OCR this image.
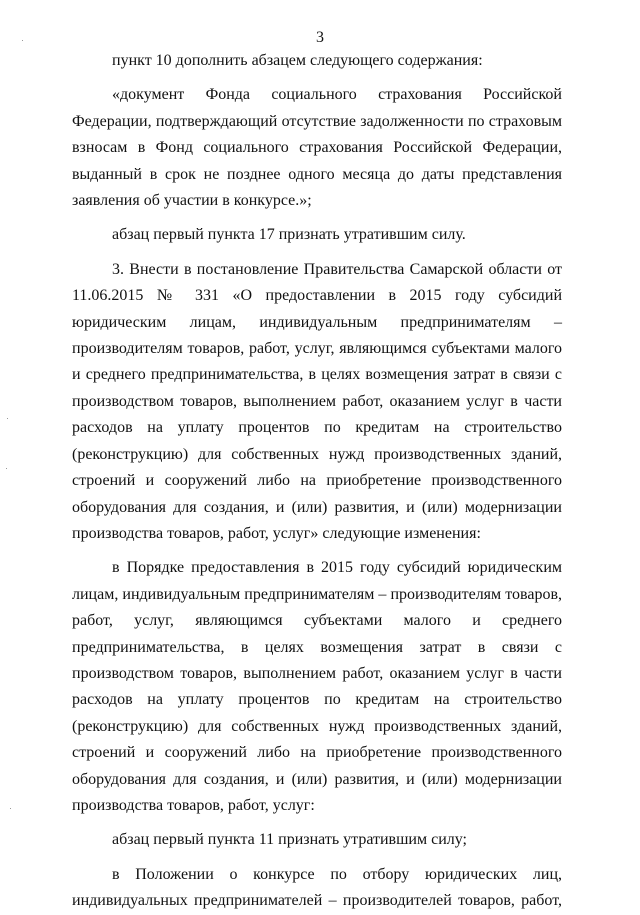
3

пункт 10 дополнить абзацем следующего содержания:

«документ Фонда социального страхования Российской Федерации, подтверждающий отсутствие задолженности по страховым взносам в Фонд социального страхования Российской Федерации, выданный в срок не позднее одного месяца до даты представления заявления об участии в конкурсе.»;

абзац первый пункта 17 признать утратившим силу.

3. Внести в постановление Правительства Самарской области от 11.06.2015 № 331 «О предоставлении в 2015 году субсидий юридическим лицам, индивидуальным предпринимателям – производителям товаров, работ, услуг, являющимся субъектами малого и среднего предпринимательства, в целях возмещения затрат в связи с производством товаров, выполнением работ, оказанием услуг в части расходов на уплату процентов по кредитам на строительство (реконструкцию) для собственных нужд производственных зданий, строений и сооружений либо на приобретение производственного оборудования для создания, и (или) развития, и (или) модернизации производства товаров, работ, услуг» следующие изменения:

в Порядке предоставления в 2015 году субсидий юридическим лицам, индивидуальным предпринимателям – производителям товаров, работ, услуг, являющимся субъектами малого и среднего предпринимательства, в целях возмещения затрат в связи с производством товаров, выполнением работ, оказанием услуг в части расходов на уплату процентов по кредитам на строительство (реконструкцию) для собственных нужд производственных зданий, строений и сооружений либо на приобретение производственного оборудования для создания, и (или) развития, и (или) модернизации производства товаров, работ, услуг:

абзац первый пункта 11 признать утратившим силу;

в Положении о конкурсе по отбору юридических лиц, индивидуальных предпринимателей – производителей товаров, работ,
